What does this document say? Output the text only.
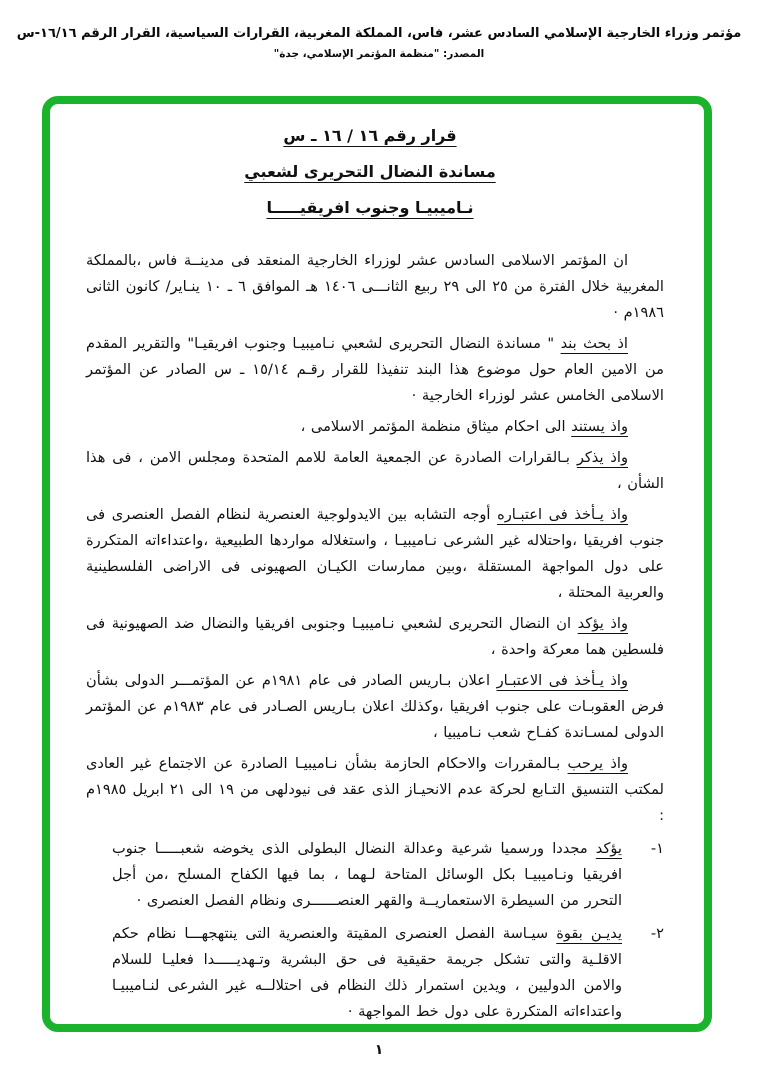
مؤتمر وزراء الخارجية الإسلامي السادس عشر، فاس، المملكة المغربية، القرارات السياسية، القرار الرقم ١٦/١٦-س
المصدر: "منظمة المؤتمر الإسلامي، جدة"
قرار رقم ١٦ / ١٦ ـ س
مساندة النضال التحريرى لشعبي
نـاميبيـا وجنوب افريقيـــــا
ان المؤتمر الاسلامى السادس عشر لوزراء الخارجية المنعقد فى مدينــة فاس ،بالمملكة المغربية خلال الفترة من ٢٥ الى ٢٩ ربيع الثانـــى ١٤٠٦ هـ الموافق ٦ ـ ١٠ ينـاير/ كانون الثانى ١٩٨٦م ·
اذ بحث بند " مساندة النضال التحريرى لشعبي نـاميبيـا وجنوب افريقيـا" والتقرير المقدم من الامين العام حول موضوع هذا البند تنفيذا للقرار رقـم ١٥/١٤ ـ س الصادر عن المؤتمر الاسلامى الخامس عشر لوزراء الخارجية ·
واذ يستند الى احكام ميثاق منظمة المؤتمر الاسلامى ،
واذ يذكر بـالقرارات الصادرة عن الجمعية العامة للامم المتحدة ومجلس الامن ، فى هذا الشأن ،
واذ يـأخذ فى اعتبـاره أوجه التشابه بين الايدولوجية العنصرية لنظام الفصل العنصرى فى جنوب افريقيا ،واحتلاله غير الشرعى نـاميبيـا ، واستغلاله مواردها الطبيعية ،واعتداءاته المتكررة على دول المواجهة المستقلة ،وبين ممارسات الكيـان الصهيونى فى الاراضى الفلسطينية والعربية المحتلة ،
واذ يؤكد ان النضال التحريرى لشعبي نـاميبيـا وجنوبى افريقيا والنضال ضد الصهيونية فى فلسطين هما معركة واحدة ،
واذ يـأخذ فى الاعتبـار اعلان بـاريس الصادر فى عام ١٩٨١م عن المؤتمـــر الدولى بشأن فرض العقوبـات على جنوب افريقيا ،وكذلك اعلان بـاريس الصـادر فى عام ١٩٨٣م عن المؤتمر الدولى لمسـاندة كفـاح شعب نـاميبيا ،
واذ يرحب بـالمقررات والاحكام الحازمة بشأن نـاميبيـا الصادرة عن الاجتماع غير العادى لمكتب التنسيق التـابع لحركة عدم الانحيـاز الذى عقد فى نيودلهى من ١٩ الى ٢١ ابريل ١٩٨٥م :
١-
يؤكد مجددا ورسميا شرعية وعدالة النضال البطولى الذى يخوضه شعبـــــا جنوب افريقيا ونـاميبيـا بكل الوسائل المتاحة لـهما ، بما فيها الكفاح المسلح ،من أجل التحرر من السيطرة الاستعماريــة والقهر العنصــــــرى ونظام الفصل العنصرى ·
٢-
يديـن بقوة سيـاسة الفصل العنصرى المقيتة والعنصرية التى ينتهجهـــا نظام حكم الاقلـية والتى تشكل جريمة حقيقية فى حق البشرية وتـهديـــــدا فعليـا للسلام والامن الدوليين ، ويدين استمرار ذلك النظام فى احتلالــه غير الشرعى لنـاميبيـا واعتداءاته المتكررة على دول خط المواجهة ·
١
